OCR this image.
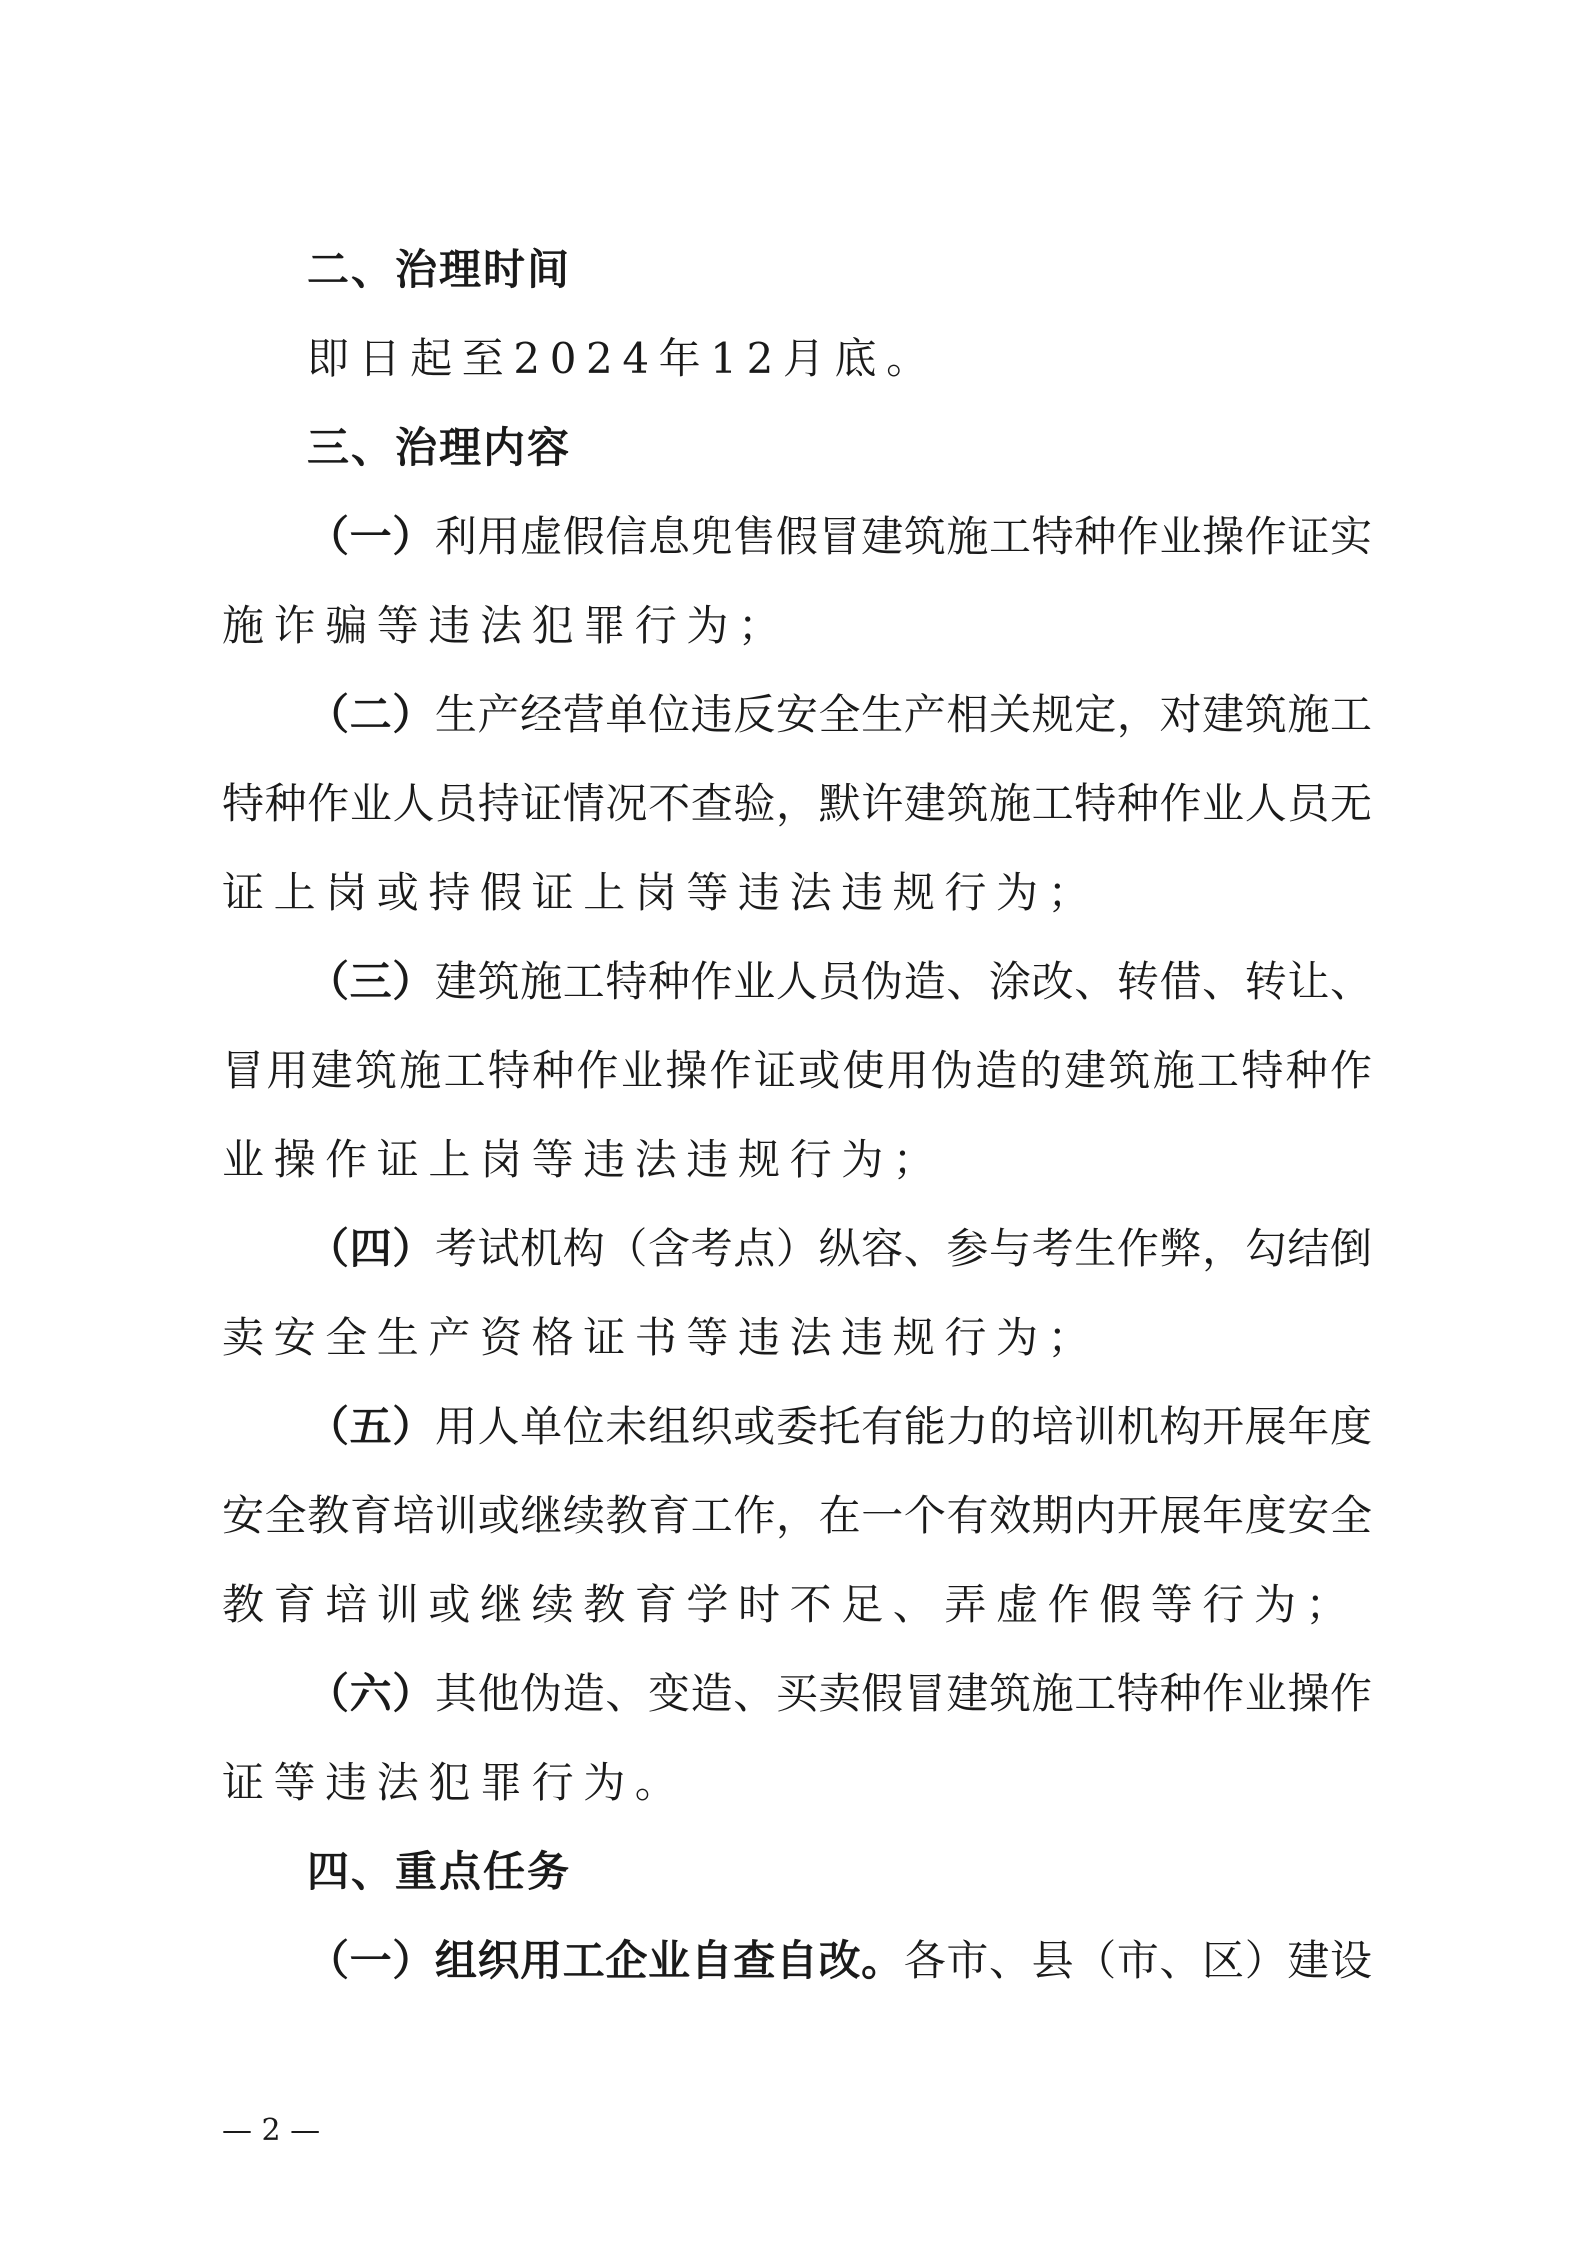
二、治理时间
即日起至2024年12月底。
三、治理内容
（一）利用虚假信息兜售假冒建筑施工特种作业操作证实
施诈骗等违法犯罪行为；
（二）生产经营单位违反安全生产相关规定，对建筑施工
特种作业人员持证情况不查验，默许建筑施工特种作业人员无
证上岗或持假证上岗等违法违规行为；
（三）建筑施工特种作业人员伪造、涂改、转借、转让、
冒用建筑施工特种作业操作证或使用伪造的建筑施工特种作
业操作证上岗等违法违规行为；
（四）考试机构（含考点）纵容、参与考生作弊，勾结倒
卖安全生产资格证书等违法违规行为；
（五）用人单位未组织或委托有能力的培训机构开展年度
安全教育培训或继续教育工作，在一个有效期内开展年度安全
教育培训或继续教育学时不足、弄虚作假等行为；
（六）其他伪造、变造、买卖假冒建筑施工特种作业操作
证等违法犯罪行为。
四、重点任务
（一）组织用工企业自查自改。各市、县（市、区）建设
— 2 —
